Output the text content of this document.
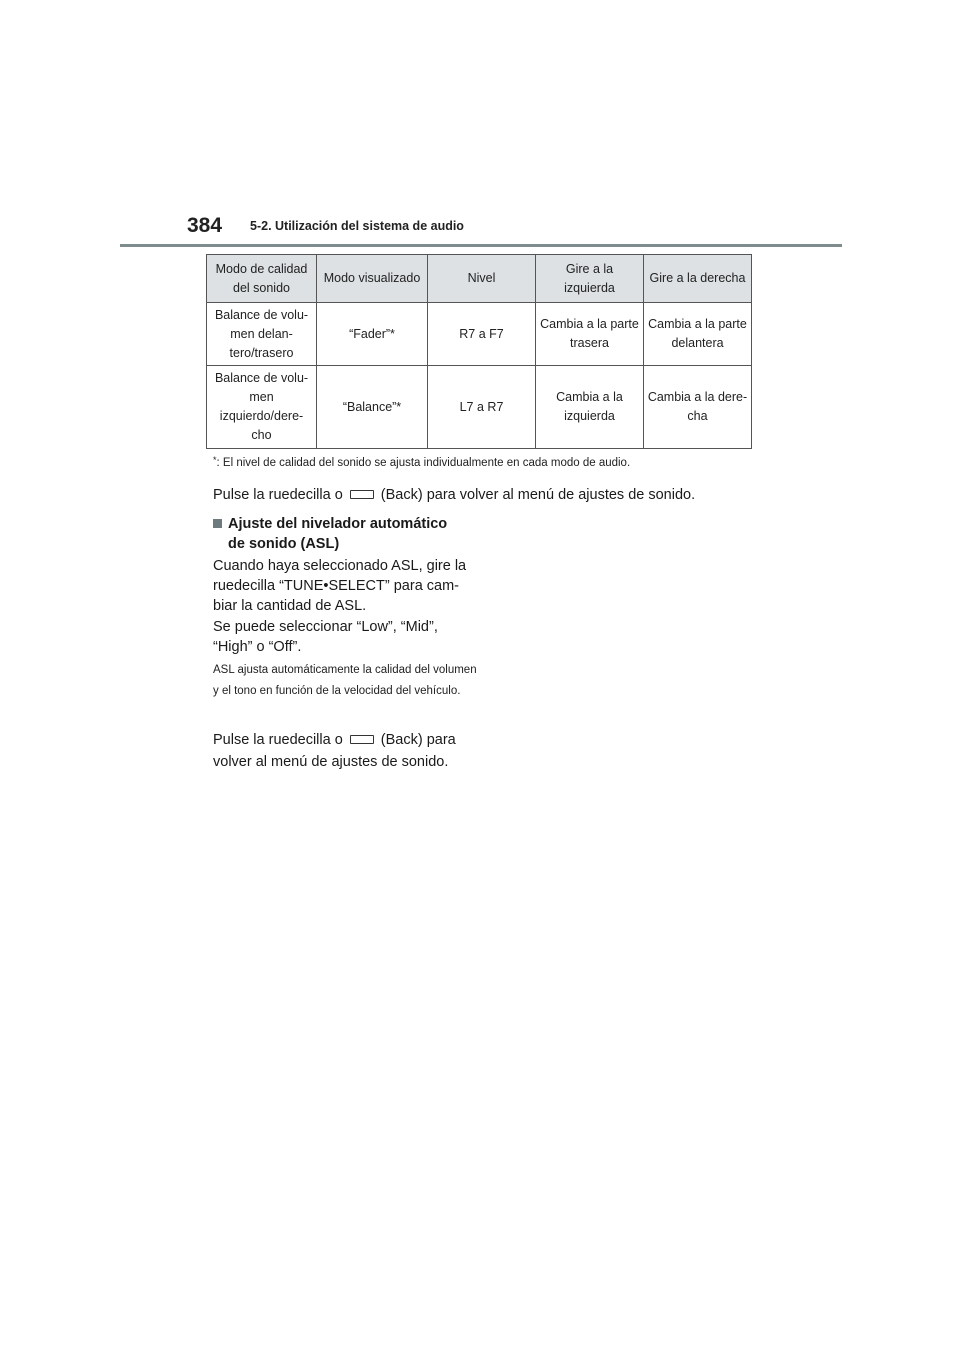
384 5-2. Utilización del sistema de audio
Modo de calidad del sonido	Modo visualizado	Nivel	Gire a la izquierda	Gire a la derecha
Balance de volu-men delan-tero/trasero	“Fader”*	R7 a F7	Cambia a la parte trasera	Cambia a la parte delantera
Balance de volu-men izquierdo/dere-cho	“Balance”*	L7 a R7	Cambia a la izquierda	Cambia a la dere-cha
*: El nivel de calidad del sonido se ajusta individualmente en cada modo de audio.
Pulse la ruedecilla o	(Back) para volver al menú de ajustes de sonido.
Ajuste del nivelador automático
de sonido (ASL)
Cuando haya seleccionado ASL, gire la ruedecilla “TUNE•SELECT” para cam-biar la cantidad de ASL.
Se puede seleccionar “Low”, “Mid”, “High” o “Off”.
ASL ajusta automáticamente la calidad del volumen y el tono en función de la velocidad del vehículo.
Pulse la ruedecilla o	(Back) para
volver al menú de ajustes de sonido.
